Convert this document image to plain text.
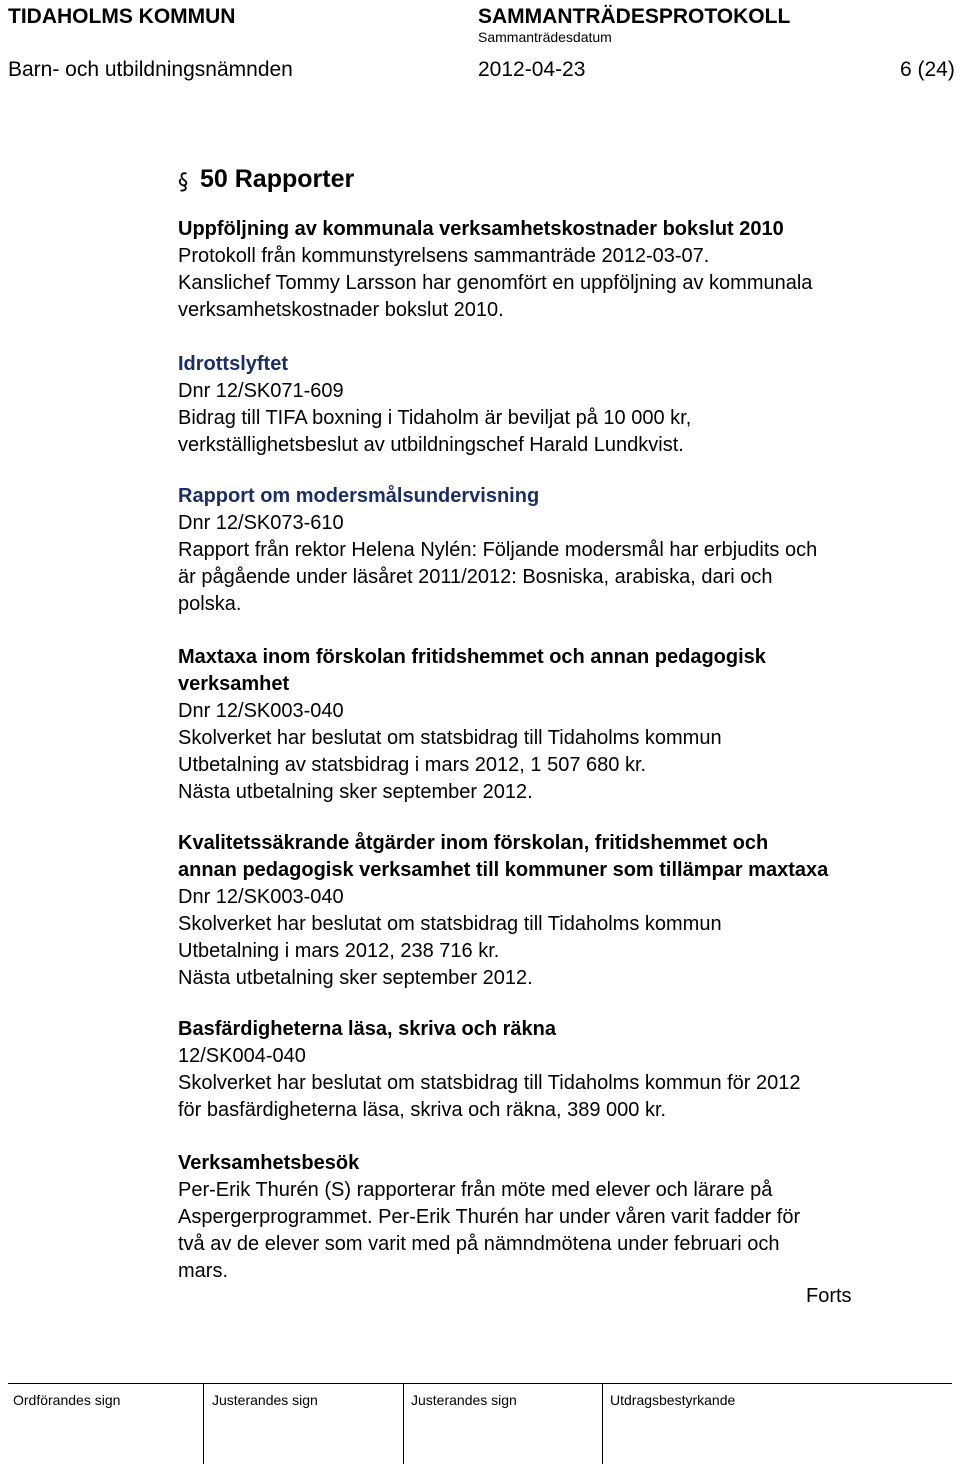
TIDAHOLMS KOMMUN	SAMMANTRÄDESPROTOKOLL
Sammanträdesdatum
Barn- och utbildningsnämnden	2012-04-23	6 (24)
50 Rapporter

Uppföljning av kommunala verksamhetskostnader bokslut 2010

Protokoll från kommunstyrelsens sammanträde 2012-03-07.

Kanslichef Tommy Larsson har genomfört en uppföljning av kommunala

verksamhetskostnader bokslut 2010.

Idrottslyftet

Dnr 12/SK071-609

Bidrag till TIFA boxning i Tidaholm är beviljat på 10 000 kr,

verkställighetsbeslut av utbildningschef Harald Lundkvist.

Rapport om modersmålsundervisning

Dnr 12/SK073-610

Rapport från rektor Helena Nylén: Följande modersmål har erbjudits och

är pågående under läsåret 2011/2012: Bosniska, arabiska, dari och

polska.

Maxtaxa inom förskolan fritidshemmet och annan pedagogisk

verksamhet

Dnr 12/SK003-040

Skolverket har beslutat om statsbidrag till Tidaholms kommun

Utbetalning av statsbidrag i mars 2012, 1 507 680 kr.

Nästa utbetalning sker september 2012.

Kvalitetssäkrande åtgärder inom förskolan, fritidshemmet och

annan pedagogisk verksamhet till kommuner som tillämpar maxtaxa

Dnr 12/SK003-040

Skolverket har beslutat om statsbidrag till Tidaholms kommun

Utbetalning i mars 2012, 238 716 kr.

Nästa utbetalning sker september 2012.

Basfärdigheterna läsa, skriva och räkna

12/SK004-040

Skolverket har beslutat om statsbidrag till Tidaholms kommun för 2012

för basfärdigheterna läsa, skriva och räkna, 389 000 kr.

Verksamhetsbesök

Per-Erik Thurén (S) rapporterar från möte med elever och lärare på

Aspergerprogrammet. Per-Erik Thurén har under våren varit fadder för

två av de elever som varit med på nämndmötena under februari och

mars.

Forts
Ordförandes sign	Justerandes sign	Justerandes sign	Utdragsbestyrkande
